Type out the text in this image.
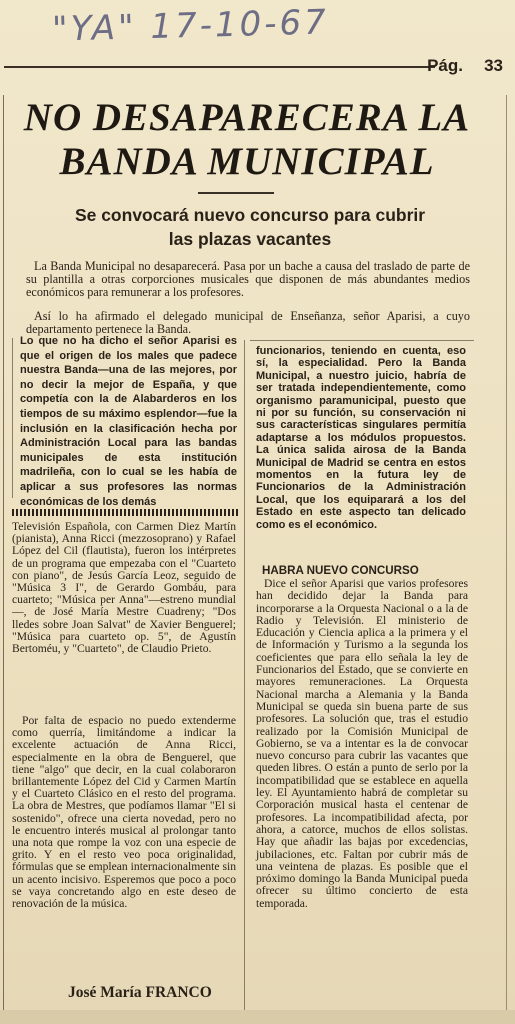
"YA" 17-10-67
Pág. 33
NO DESAPARECERA LA
BANDA MUNICIPAL
Se convocará nuevo concurso para cubrir
las plazas vacantes

La Banda Municipal no desaparecerá. Pasa por un bache a causa del traslado de parte de su plantilla a otras corporciones musicales que disponen de más abundantes medios económicos para remunerar a los profesores.

Así lo ha afirmado el delegado municipal de Enseñanza, señor Aparisi, a cuyo departamento pertenece la Banda.

Lo que no ha dicho el señor Aparisi es que el origen de los males que padece nuestra Banda—una de las mejores, por no decir la mejor de España, y que competía con la de Alabarderos en los tiempos de su máximo esplendor—fue la inclusión en la clasificación hecha por Administración Local para las bandas municipales de esta institución madrileña, con lo cual se les había de aplicar a sus profesores las normas económicas de los demás

Televisión Española, con Carmen Diez Martín (pianista), Anna Ricci (mezzosoprano) y Rafael López del Cil (flautista), fueron los intérpretes de un programa que empezaba con el "Cuarteto con piano", de Jesús García Leoz, seguido de "Música 3 I", de Gerardo Gombáu, para cuarteto; "Música per Anna"—estreno mundial—, de José María Mestre Cuadreny; "Dos lledes sobre Joan Salvat" de Xavier Benguerel; "Música para cuarteto op. 5", de Agustín Bertoméu, y "Cuarteto", de Claudio Prieto.

Por falta de espacio no puedo extenderme como querría, limitándome a indicar la excelente actuación de Anna Ricci, especialmente en la obra de Benguerel, que tiene "algo" que decir, en la cual colaboraron brillantemente López del Cid y Carmen Martín y el Cuarteto Clásico en el resto del programa. La obra de Mestres, que podíamos llamar "El si sostenido", ofrece una cierta novedad, pero no le encuentro interés musical al prolongar tanto una nota que rompe la voz con una especie de grito. Y en el resto veo poca originalidad, fórmulas que se emplean internacionalmente sin un acento incisivo. Esperemos que poco a poco se vaya concretando algo en este deseo de renovación de la música.

José María FRANCO

funcionarios, teniendo en cuenta, eso sí, la especialidad. Pero la Banda Municipal, a nuestro juicio, habría de ser tratada independientemente, como organismo paramunicipal, puesto que ni por su función, su conservación ni sus características singulares permitía adaptarse a los módulos propuestos. La única salida airosa de la Banda Municipal de Madrid se centra en estos momentos en la futura ley de Funcionarios de la Administración Local, que los equiparará a los del Estado en este aspecto tan delicado como es el económico.

HABRA NUEVO CONCURSO

Dice el señor Aparisi que varios profesores han decidido dejar la Banda para incorporarse a la Orquesta Nacional o a la de Radio y Televisión. El ministerio de Educación y Ciencia aplica a la primera y el de Información y Turismo a la segunda los coeficientes que para ello señala la ley de Funcionarios del Estado, que se convierte en mayores remuneraciones. La Orquesta Nacional marcha a Alemania y la Banda Municipal se queda sin buena parte de sus profesores. La solución que, tras el estudio realizado por la Comisión Municipal de Gobierno, se va a intentar es la de convocar nuevo concurso para cubrir las vacantes que queden libres. O están a punto de serlo por la incompatibilidad que se establece en aquella ley. El Ayuntamiento habrá de completar su Corporación musical hasta el centenar de profesores. La incompatibilidad afecta, por ahora, a catorce, muchos de ellos solistas. Hay que añadir las bajas por excedencias, jubilaciones, etc. Faltan por cubrir más de una veintena de plazas. Es posible que el próximo domingo la Banda Municipal pueda ofrecer su último concierto de esta temporada.
